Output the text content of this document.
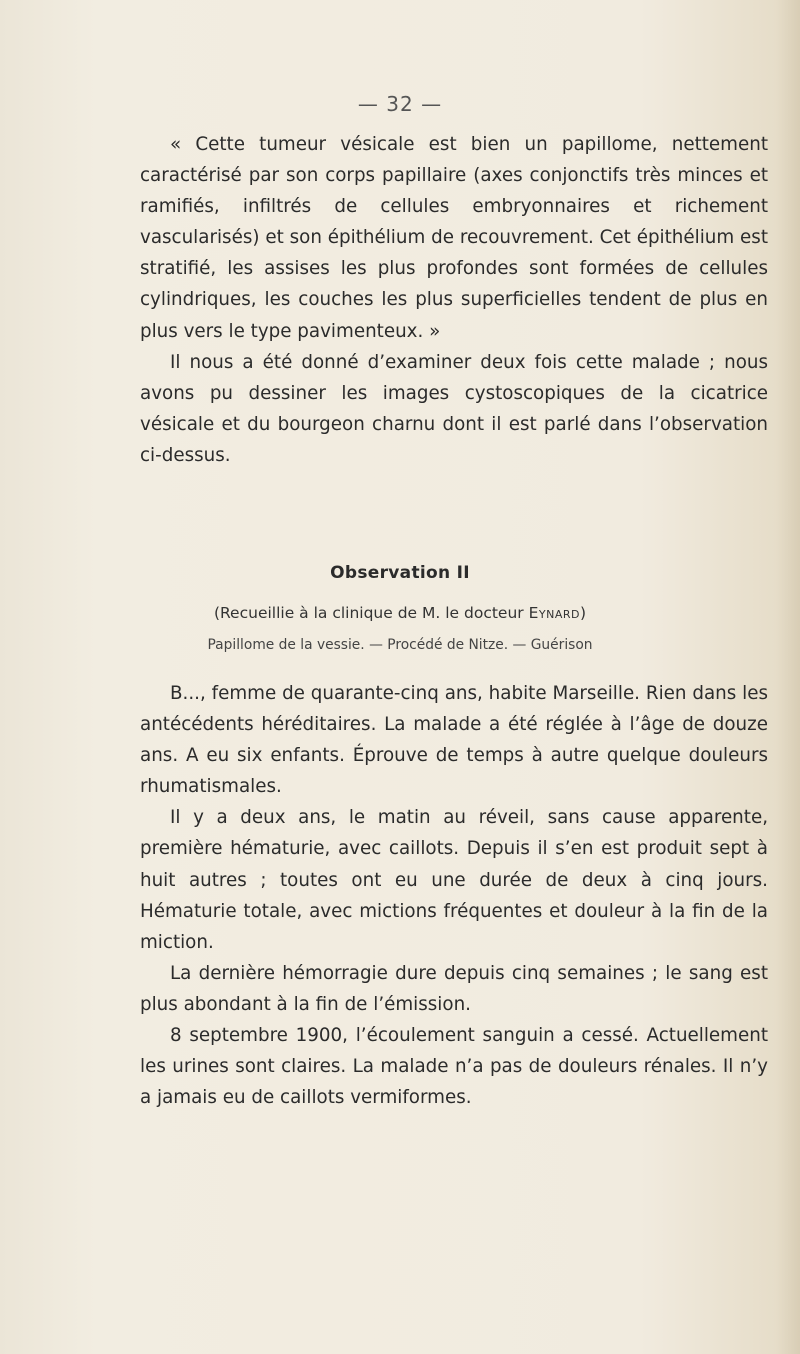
— 32 —

« Cette tumeur vésicale est bien un papillome, nettement caractérisé par son corps papillaire (axes conjonctifs très minces et ramifiés, infiltrés de cellules embryonnaires et richement vascularisés) et son épithélium de recouvrement. Cet épithélium est stratifié, les assises les plus profondes sont formées de cellules cylindriques, les couches les plus superficielles tendent de plus en plus vers le type pavimenteux. »

Il nous a été donné d’examiner deux fois cette malade ; nous avons pu dessiner les images cystoscopiques de la cicatrice vésicale et du bourgeon charnu dont il est parlé dans l’observation ci-dessus.

Observation II
(Recueillie à la clinique de M. le docteur Eynard)
Papillome de la vessie. — Procédé de Nitze. — Guérison

B..., femme de quarante-cinq ans, habite Marseille. Rien dans les antécédents héréditaires. La malade a été réglée à l’âge de douze ans. A eu six enfants. Éprouve de temps à autre quelque douleurs rhumatismales.

Il y a deux ans, le matin au réveil, sans cause apparente, première hématurie, avec caillots. Depuis il s’en est produit sept à huit autres ; toutes ont eu une durée de deux à cinq jours. Hématurie totale, avec mictions fréquentes et douleur à la fin de la miction.

La dernière hémorragie dure depuis cinq semaines ; le sang est plus abondant à la fin de l’émission.

8 septembre 1900, l’écoulement sanguin a cessé. Actuellement les urines sont claires. La malade n’a pas de douleurs rénales. Il n’y a jamais eu de caillots vermiformes.
